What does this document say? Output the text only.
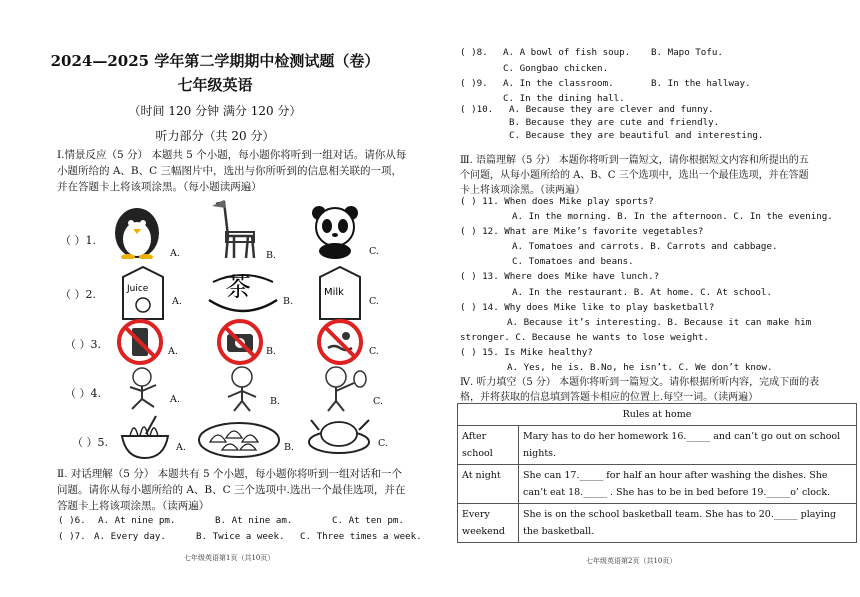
2024—2025 学年第二学期期中检测试题（卷）
七年级英语
（时间 120 分钟 满分 120 分）
听力部分（共 20 分）
Ⅰ.情景反应（5 分） 本题共 5 个小题，每小题你将听到一组对话。请你从每小题所给的 A、B、C 三幅图片中，选出与你所听到的信息相关联的一项，并在答题卡上将该项涂黑。（每小题读两遍）
（ ）1.
A.	B.	C.
（ ）2.	Juice
A. 茶	B.
Milk
C.
（ ）3.
A.	B.	C.
（ ）4.	A.	B.	C.
（ ）5.	A.	B.	C.
Ⅱ. 对话理解（5 分） 本题共有 5 个小题，每小题你将听到一组对话和一个问题。请你从每小题所给的 A、B、C 三个选项中.选出一个最佳选项，并在答题卡上将该项涂黑。（读两遍）
( )6. A. At nine pm.	B. At nine am.	C. At ten pm.
( )7. A. Every day.	B. Twice a week. C. Three times a week.
七年级英语第1页（共10页）
( )8. A. A bowl of fish soup. B. Mapo Tofu.
C. Gongbao chicken.
( )9. A. In the classroom.	B. In the hallway.
C. In the dining hall.
( )10. A. Because they are clever and funny.
B. Because they are cute and friendly.
C. Because they are beautiful and interesting.
Ⅲ. 语篇理解（5 分） 本题你将听到一篇短文，请你根据短文内容和所提出的五个问题，从每小题所给的 A、B、C 三个选项中，选出一个最佳选项，并在答题卡上将该项涂黑。（读两遍）
( ) 11. When does Mike play sports?
A. In the morning. B. In the afternoon. C. In the evening.
( ) 12. What are Mike’s favorite vegetables?
A. Tomatoes and carrots. B. Carrots and cabbage.
C. Tomatoes and beans.
( ) 13. Where does Mike have lunch.?
A. In the restaurant. B. At home. C. At school.
( ) 14. Why does Mike like to play basketball?
A. Because it’s interesting. B. Because it can make him
stronger. C. Because he wants to lose weight.
( ) 15. Is Mike healthy?
A. Yes, he is. B.No, he isn’t. C. We don’t know.
Ⅳ. 听力填空（5 分） 本题你将听到一篇短文。请你根据所听内容，完成下面的表格，并将获取的信息填到答题卡相应的位置上.每空一词。（读两遍）
Rules at home	
After school	Mary has to do her homework 16._____ and can’t go out on school nights.
At night	She can 17._____ for half an hour after washing the dishes. She can’t eat 18._____ . She has to be in bed before 19._____o’ clock.
Every weekend	She is on the school basketball team. She has to 20._____ playing the basketball.
七年级英语第2页（共10页）
